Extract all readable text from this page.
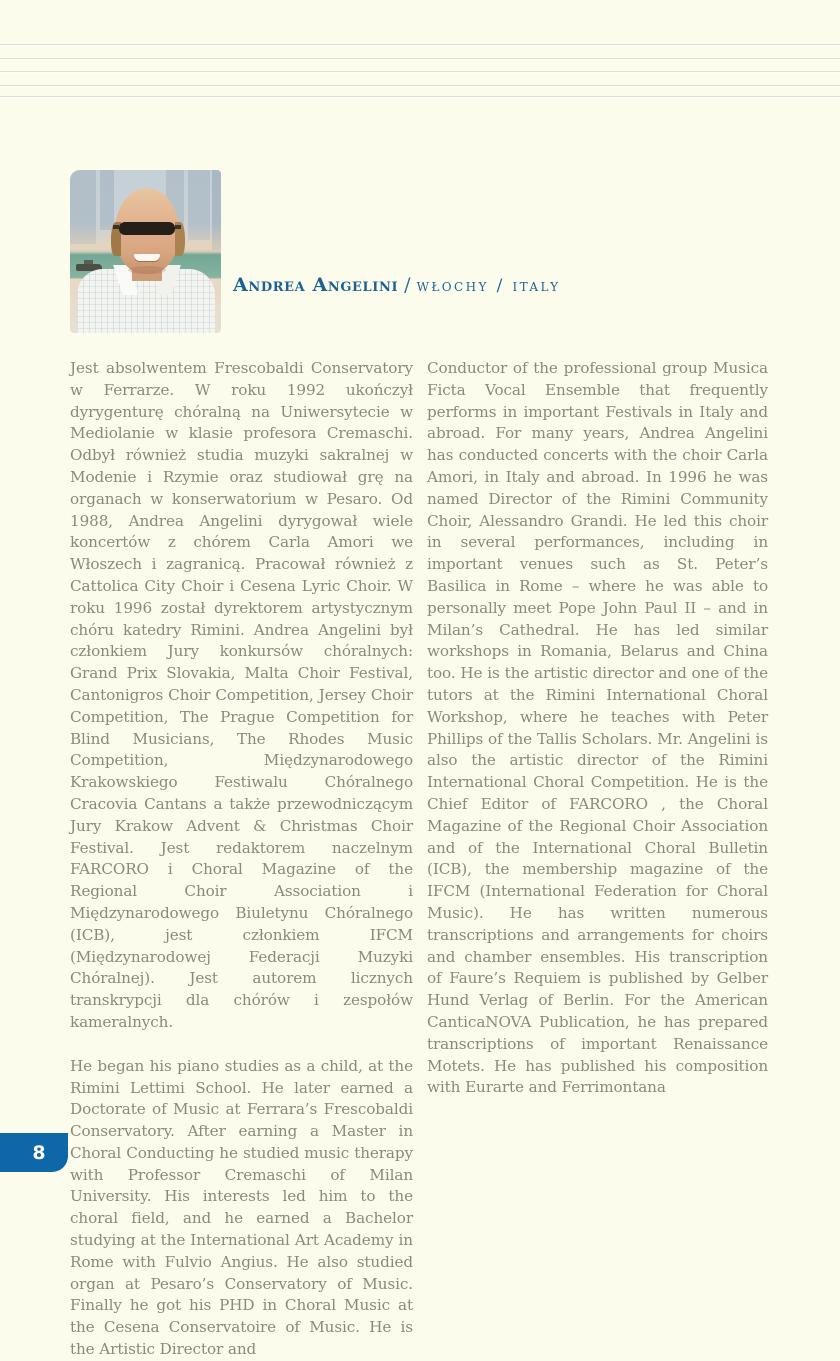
Andrea Angelini / włochy / italy

Jest absolwentem Frescobaldi Conservatory w Ferrarze. W roku 1992 ukończył dyrygenturę chóralną na Uniwersytecie w Mediolanie w klasie profesora Cremaschi. Odbył również studia muzyki sakralnej w Modenie i Rzymie oraz studiował grę na organach w konserwatorium w Pesaro. Od 1988, Andrea Angelini dyrygował wiele koncertów z chórem Carla Amori we Włoszech i zagranicą. Pracował również z Cattolica City Choir i Cesena Lyric Choir. W roku 1996 został dyrektorem artystycznym chóru katedry Rimini. Andrea Angelini był członkiem Jury konkursów chóralnych: Grand Prix Slovakia, Malta Choir Festival, Cantonigros Choir Competition, Jersey Choir Competition, The Prague Competition for Blind Musicians, The Rhodes Music Competition, Międzynarodowego Krakowskiego Festiwalu Chóralnego Cracovia Cantans a także przewodniczącym Jury Krakow Advent & Christmas Choir Festival. Jest redaktorem naczelnym FARCORO i Choral Magazine of the Regional Choir Association i Międzynarodowego Biuletynu Chóralnego (ICB), jest członkiem IFCM (Międzynarodowej Federacji Muzyki Chóralnej). Jest autorem licznych transkrypcji dla chórów i zespołów kameralnych.

He began his piano studies as a child, at the Rimini Lettimi School. He later earned a Doctorate of Music at Ferrara’s Frescobaldi Conservatory. After earning a Master in Choral Conducting he studied music therapy with Professor Cremaschi of Milan University. His interests led him to the choral field, and he earned a Bachelor studying at the International Art Academy in Rome with Fulvio Angius. He also studied organ at Pesaro’s Conservatory of Music. Finally he got his PHD in Choral Music at the Cesena Conservatoire of Music. He is the Artistic Director and

Conductor of the professional group Musica Ficta Vocal Ensemble that frequently performs in important Festivals in Italy and abroad. For many years, Andrea Angelini has conducted concerts with the choir Carla Amori, in Italy and abroad. In 1996 he was named Director of the Rimini Community Choir, Alessandro Grandi. He led this choir in several performances, including in important venues such as St. Peter’s Basilica in Rome – where he was able to personally meet Pope John Paul II – and in Milan’s Cathedral. He has led similar workshops in Romania, Belarus and China too. He is the artistic director and one of the tutors at the Rimini International Choral Workshop, where he teaches with Peter Phillips of the Tallis Scholars. Mr. Angelini is also the artistic director of the Rimini International Choral Competition. He is the Chief Editor of FARCORO , the Choral Magazine of the Regional Choir Association and of the International Choral Bulletin (ICB), the membership magazine of the IFCM (International Federation for Choral Music). He has written numerous transcriptions and arrangements for choirs and chamber ensembles. His transcription of Faure’s Requiem is published by Gelber Hund Verlag of Berlin. For the American CanticaNOVA Publication, he has prepared transcriptions of important Renaissance Motets. He has published his composition with Eurarte and Ferrimontana

8
